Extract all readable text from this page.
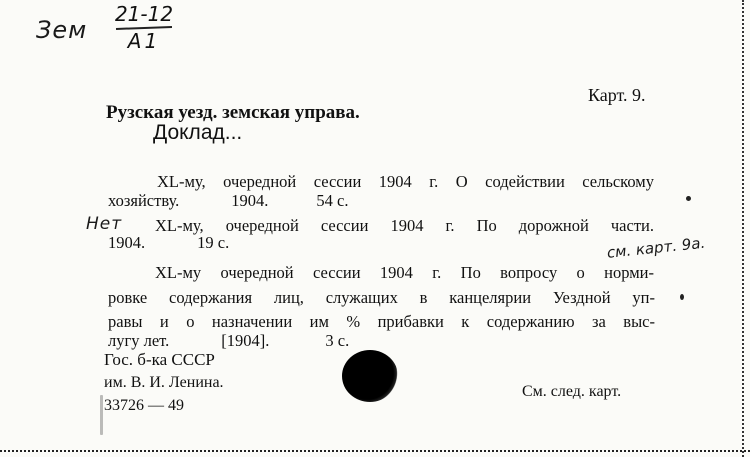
Зем
21-12
А1
Карт. 9.
Рузская уезд. земская управа.
Доклад...
XL-му, очередной сессии 1904 г. О содействии сельскому
хозяйству.	1904.	54 с.
Нет XL-му, очередной сессии 1904 г. По дорожной части.
1904.	19 с.	см. карт. 9а.
XL-му очередной сессии 1904 г. По вопросу о норми-
ровке содержания лиц, служащих в канцелярии Уездной уп-
равы и о назначении им % прибавки к содержанию за выс-
лугу лет.	[1904].	3 с.
Гос. б-ка СССР
им. В. И. Ленина.
33726 — 49
См. след. карт.
